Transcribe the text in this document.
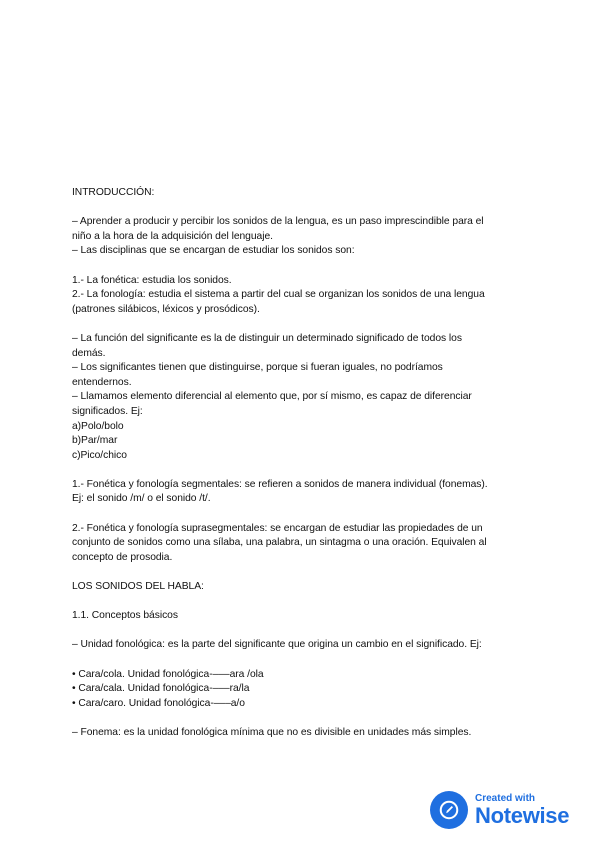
INTRODUCCIÓN:
– Aprender a producir y percibir los sonidos de la lengua, es un paso imprescindible para el
niño a la hora de la adquisición del lenguaje.
– Las disciplinas que se encargan de estudiar los sonidos son:
1.- La fonética: estudia los sonidos.
2.- La fonología: estudia el sistema a partir del cual se organizan los sonidos de una lengua
(patrones silábicos, léxicos y prosódicos).
– La función del significante es la de distinguir un determinado significado de todos los
demás.
– Los significantes tienen que distinguirse, porque si fueran iguales, no podríamos
entendernos.
– Llamamos elemento diferencial al elemento que, por sí mismo, es capaz de diferenciar
significados. Ej:
a)Polo/bolo
b)Par/mar
c)Pico/chico
1.- Fonética y fonología segmentales: se refieren a sonidos de manera individual (fonemas).
Ej: el sonido /m/ o el sonido /t/.
2.- Fonética y fonología suprasegmentales: se encargan de estudiar las propiedades de un
conjunto de sonidos como una sílaba, una palabra, un sintagma o una oración. Equivalen al
concepto de prosodia.
LOS SONIDOS DEL HABLA:
1.1. Conceptos básicos
– Unidad fonológica: es la parte del significante que origina un cambio en el significado. Ej:
• Cara/cola. Unidad fonológica-–––ara /ola
• Cara/cala. Unidad fonológica-–––ra/la
• Cara/caro. Unidad fonológica-–––a/o
– Fonema: es la unidad fonológica mínima que no es divisible en unidades más simples.
Created with
Notewise
